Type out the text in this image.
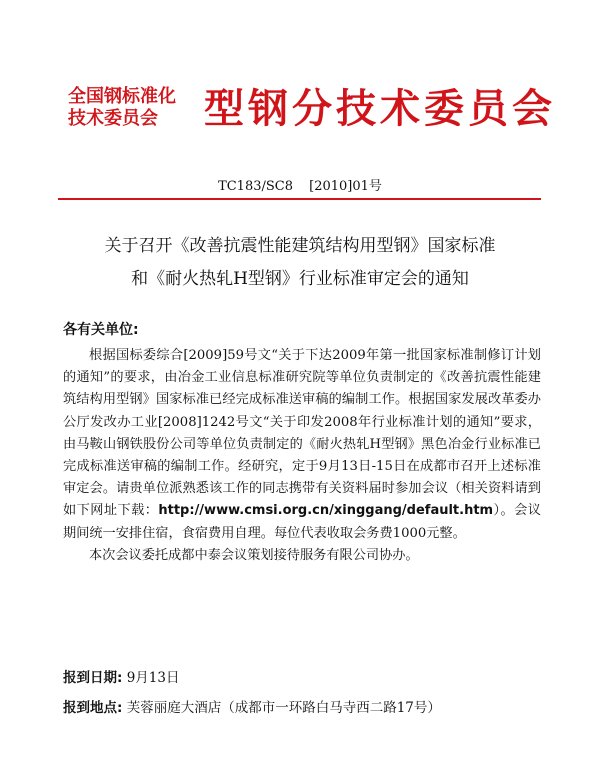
全国钢标准化
技术委员会	型钢分技术委员会
TC183/SC8 [2010]01号
关于召开《改善抗震性能建筑结构用型钢》国家标准
和《耐火热轧H型钢》行业标准审定会的通知
各有关单位:

根据国标委综合[2009]59号文“关于下达2009年第一批国家标准制修订计划的通知”的要求，由冶金工业信息标准研究院等单位负责制定的《改善抗震性能建筑结构用型钢》国家标准已经完成标准送审稿的编制工作。根据国家发展改革委办公厅发改办工业[2008]1242号文“关于印发2008年行业标准计划的通知”要求，由马鞍山钢铁股份公司等单位负责制定的《耐火热轧H型钢》黑色冶金行业标准已完成标准送审稿的编制工作。经研究，定于9月13日-15日在成都市召开上述标准审定会。请贵单位派熟悉该工作的同志携带有关资料届时参加会议（相关资料请到如下网址下载：http://www.cmsi.org.cn/xinggang/default.htm）。会议期间统一安排住宿，食宿费用自理。每位代表收取会务费1000元整。

本次会议委托成都中泰会议策划接待服务有限公司协办。

报到日期: 9月13日
报到地点: 芙蓉丽庭大酒店（成都市一环路白马寺西二路17号）
